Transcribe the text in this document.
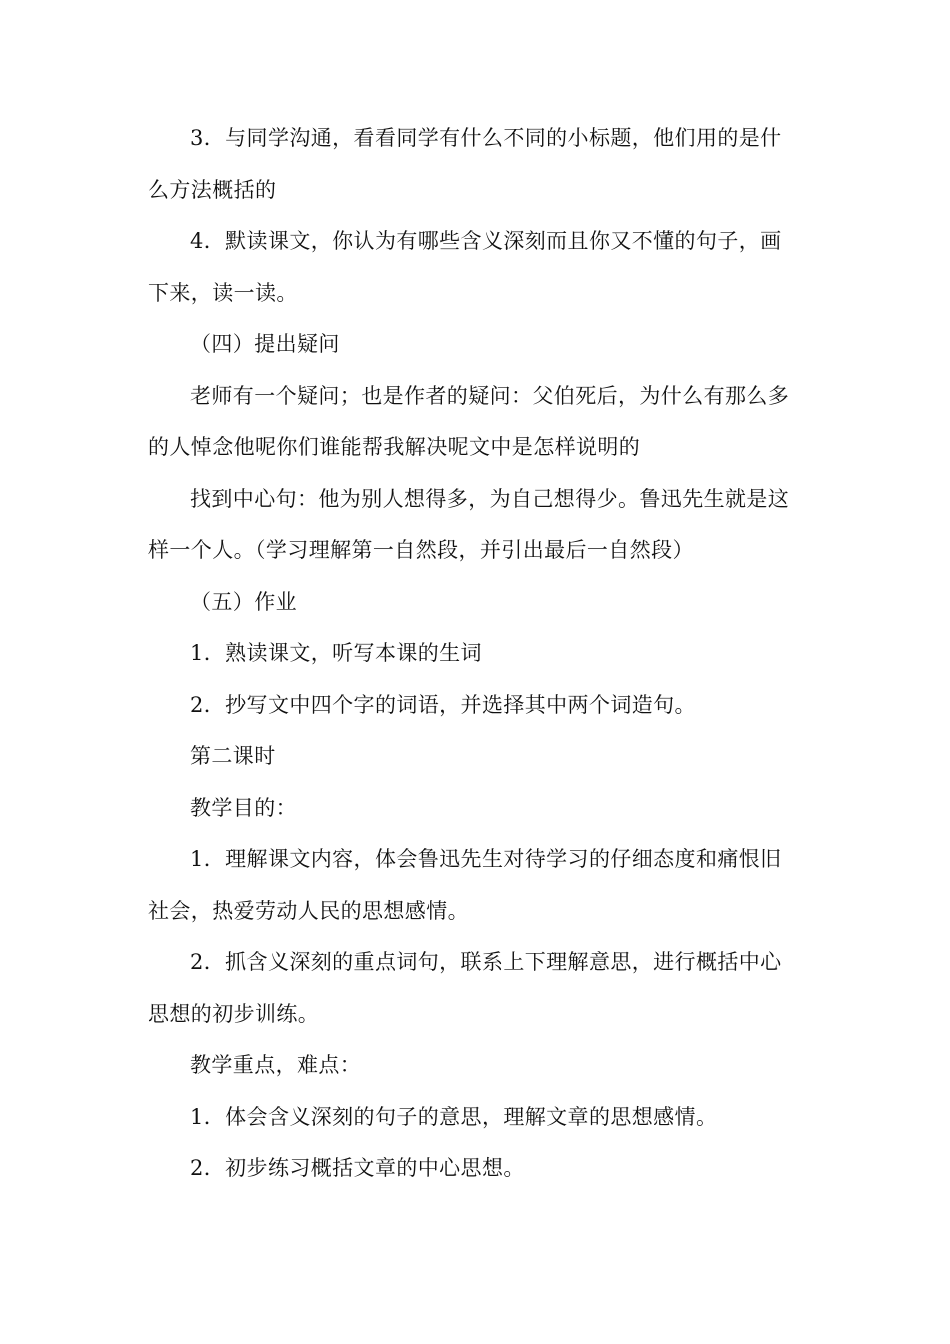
3．与同学沟通，看看同学有什么不同的小标题，他们用的是什么方法概括的

4．默读课文，你认为有哪些含义深刻而且你又不懂的句子，画下来，读一读。

（四）提出疑问

老师有一个疑问；也是作者的疑问：父伯死后，为什么有那么多的人悼念他呢你们谁能帮我解决呢文中是怎样说明的

找到中心句：他为别人想得多，为自己想得少。鲁迅先生就是这样一个人。（学习理解第一自然段，并引出最后一自然段）

（五）作业

1．熟读课文，听写本课的生词

2．抄写文中四个字的词语，并选择其中两个词造句。

第二课时

教学目的：

1．理解课文内容，体会鲁迅先生对待学习的仔细态度和痛恨旧社会，热爱劳动人民的思想感情。

2．抓含义深刻的重点词句，联系上下理解意思，进行概括中心思想的初步训练。

教学重点，难点：

1．体会含义深刻的句子的意思，理解文章的思想感情。

2．初步练习概括文章的中心思想。
